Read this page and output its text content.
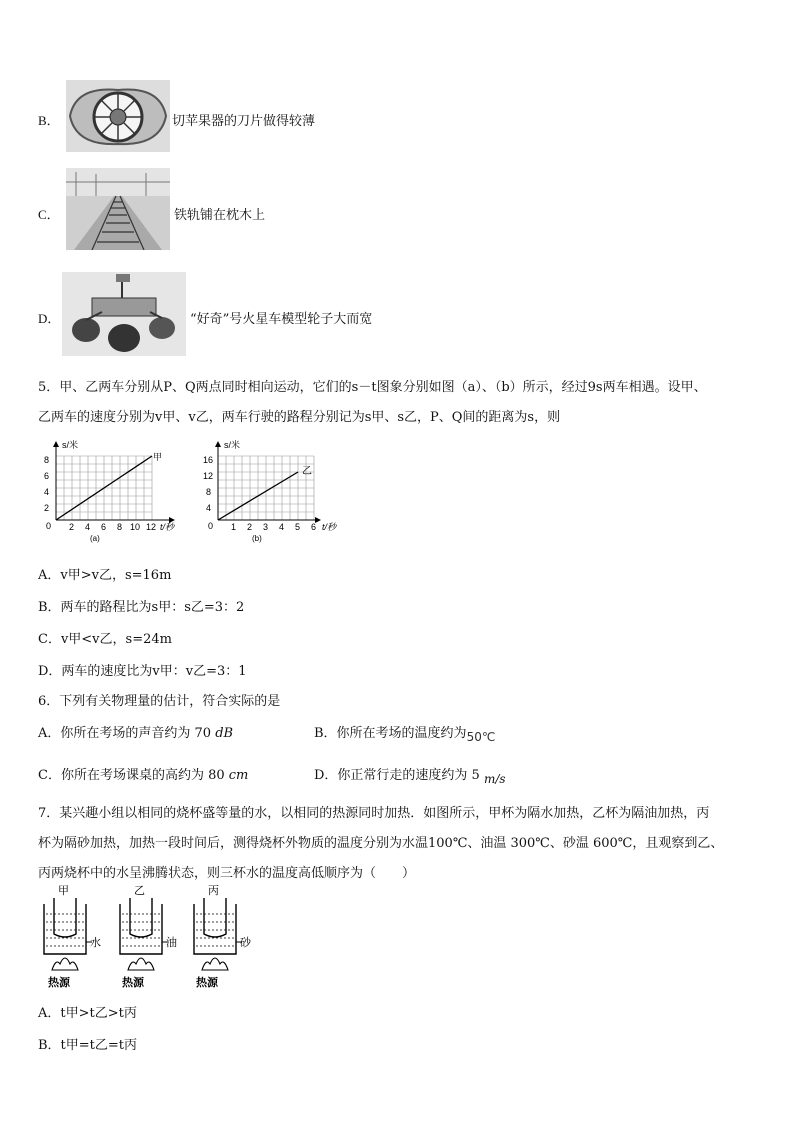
B．	切苹果器的刀片做得较薄
C．	铁轨铺在枕木上
D．	“好奇”号火星车模型轮子大而宽
5．甲、乙两车分别从P、Q两点同时相向运动，它们的s－t图象分别如图（a）、（b）所示，经过9s两车相遇。设甲、
乙两车的速度分别为v甲、v乙，两车行驶的路程分别记为s甲、s乙，P、Q间的距离为s，则
s/米
甲
8
6
4
2
0 2 4 6 8 10 12 t/秒
(a)
s/米
乙
16
12
8
4
0 1 2 3 4 5 6 t/秒
(b)
A．v甲>v乙，s=16m
B．两车的路程比为s甲：s乙=3：2
C．v甲<v乙，s=24m
D．两车的速度比为v甲：v乙=3：1
6．下列有关物理量的估计，符合实际的是
A．你所在考场的声音约为 70 dB	B．你所在考场的温度约为50℃
C．你所在考场课桌的高约为 80 cm	D．你正常行走的速度约为 5 m/s
7．某兴趣小组以相同的烧杯盛等量的水，以相同的热源同时加热．如图所示，甲杯为隔水加热，乙杯为隔油加热，丙
杯为隔砂加热，加热一段时间后，测得烧杯外物质的温度分别为水温100℃、油温 300℃、砂温 600℃，且观察到乙、
丙两烧杯中的水呈沸腾状态，则三杯水的温度高低顺序为（　　）
甲	乙	丙
水	油	砂
热源	热源	热源
A．t甲>t乙>t丙
B．t甲=t乙=t丙
